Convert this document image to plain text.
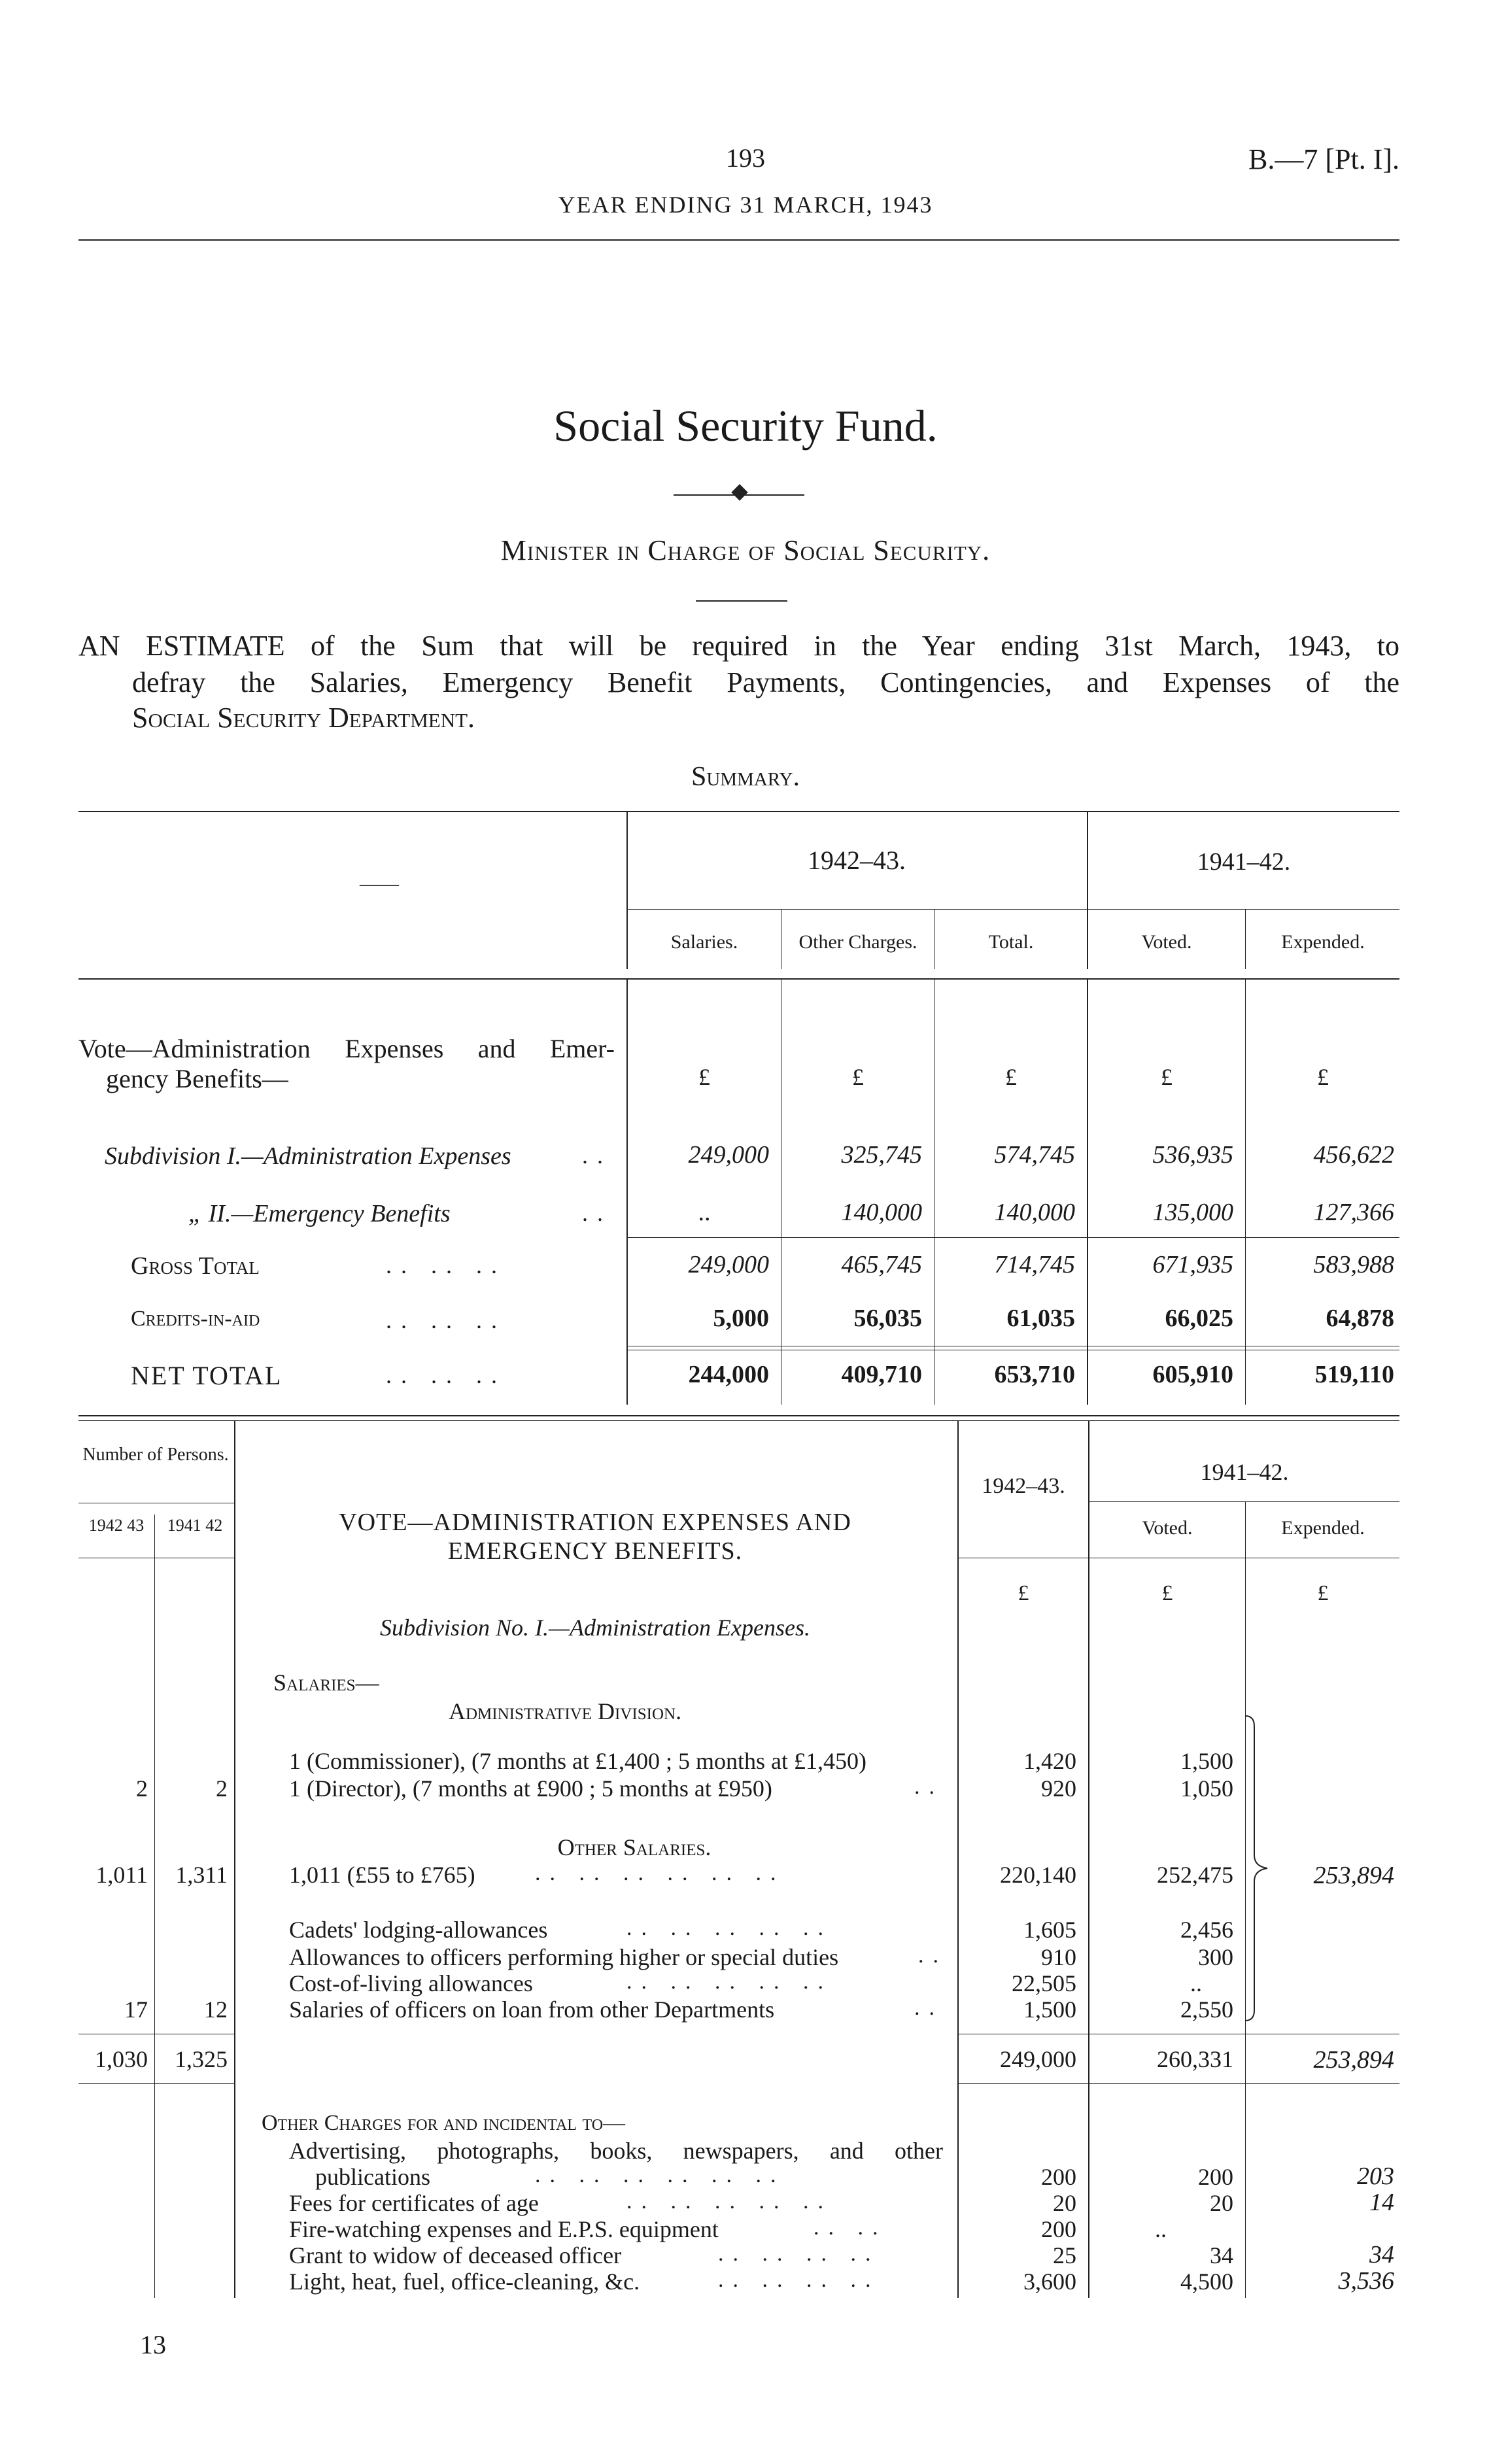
193	B.—7 [Pt. I].
YEAR ENDING 31 MARCH, 1943
Social Security Fund.
Minister in Charge of Social Security.
AN ESTIMATE of the Sum that will be required in the Year ending 31st March, 1943, to
defray the Salaries, Emergency Benefit Payments, Contingencies, and Expenses of the
Social Security Department.
Summary.
——
1942–43.	1941–42.
Salaries.	Other Charges.	Total.	Voted.	Expended.
Vote—Administration Expenses and Emer-
gency Benefits—	£	£	£	£	£
Subdivision I.—Administration Expenses	..	249,000	325,745	574,745	536,935	456,622
„ II.—Emergency Benefits	..	..	140,000	140,000	135,000	127,366
Gross Total	.. .. ..	249,000	465,745	714,745	671,935	583,988
Credits-in-aid	.. .. ..	5,000	56,035	61,035	66,025	64,878
NET TOTAL	.. .. ..	244,000	409,710	653,710	605,910	519,110
Number of Persons.
1942 43	1941 42	VOTE—ADMINISTRATION EXPENSES AND
EMERGENCY BENEFITS.
1942–43.
1941–42.
Voted.	Expended.
£	£	£
Subdivision No. I.—Administration Expenses.
Salaries—
Administrative Division.
1 (Commissioner), (7 months at £1,400 ; 5 months at £1,450)	1,420	1,500
2	2	1 (Director), (7 months at £900 ; 5 months at £950)	..	920	1,050
Other Salaries.
1,011	1,311	1,011 (£55 to £765)	.. .. .. .. .. ..	220,140	252,475	253,894
Cadets' lodging-allowances	.. .. .. .. ..	1,605	2,456
Allowances to officers performing higher or special duties	..	910	300
Cost-of-living allowances	.. .. .. .. ..	22,505	..
17	12	Salaries of officers on loan from other Departments	..	1,500	2,550
1,030	1,325	249,000	260,331	253,894
Other Charges for and incidental to—
Advertising, photographs, books, newspapers, and other
publications	.. .. .. .. .. ..	200	200	203
Fees for certificates of age	.. .. .. .. ..	20	20	14
Fire-watching expenses and E.P.S. equipment	.. ..	200	..
Grant to widow of deceased officer	.. .. .. ..	25	34	34
Light, heat, fuel, office-cleaning, &c.	.. .. .. ..	3,600	4,500	3,536
13
